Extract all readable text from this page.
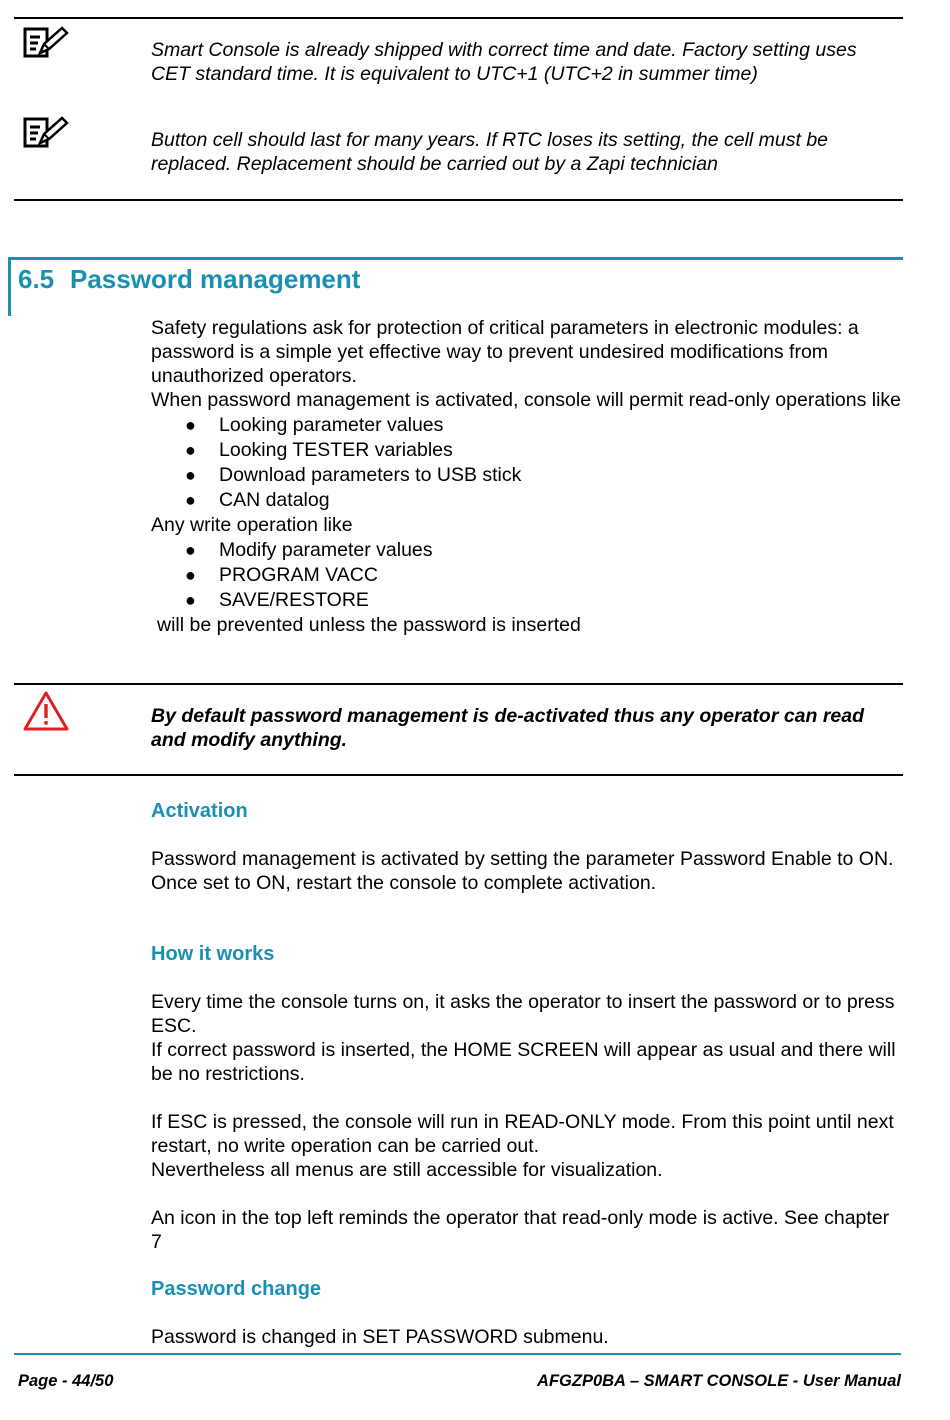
Smart Console is already shipped with correct time and date. Factory setting uses CET standard time. It is equivalent to UTC+1 (UTC+2 in summer time)

Button cell should last for many years. If RTC loses its setting, the cell must be replaced. Replacement should be carried out by a Zapi technician

6.5 Password management
Safety regulations ask for protection of critical parameters in electronic modules: a password is a simple yet effective way to prevent undesired modifications from unauthorized operators.
When password management is activated, console will permit read-only operations like
● Looking parameter values
● Looking TESTER variables
● Download parameters to USB stick
● CAN datalog
Any write operation like
● Modify parameter values
● PROGRAM VACC
● SAVE/RESTORE
will be prevented unless the password is inserted

By default password management is de-activated thus any operator can read and modify anything.

Activation
Password management is activated by setting the parameter Password Enable to ON.
Once set to ON, restart the console to complete activation.
How it works
Every time the console turns on, it asks the operator to insert the password or to press ESC.
If correct password is inserted, the HOME SCREEN will appear as usual and there will be no restrictions.
If ESC is pressed, the console will run in READ-ONLY mode. From this point until next restart, no write operation can be carried out.
Nevertheless all menus are still accessible for visualization.
An icon in the top left reminds the operator that read-only mode is active. See chapter 7
Password change
Password is changed in SET PASSWORD submenu.

Page - 44/50	AFGZP0BA – SMART CONSOLE - User Manual
